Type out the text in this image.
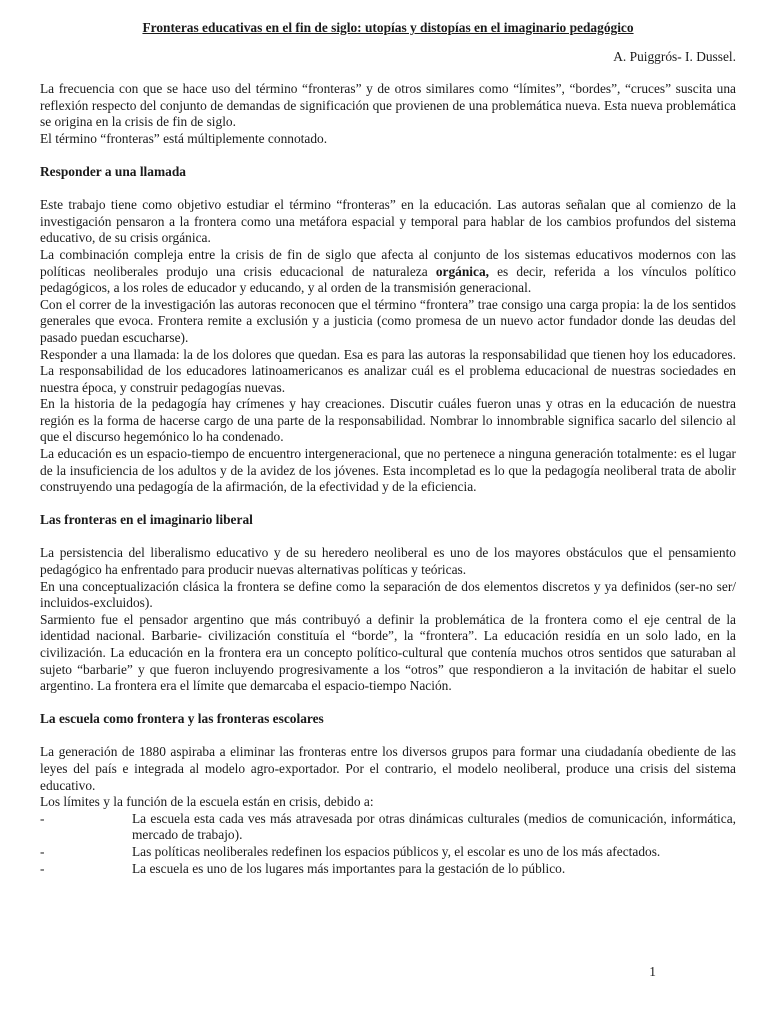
Fronteras educativas en el fin de siglo: utopías y distopías en el imaginario pedagógico
A. Puiggrós- I. Dussel.

La frecuencia con que se hace uso del término “fronteras” y de otros similares como “límites”, “bordes”, “cruces” suscita una reflexión respecto del conjunto de demandas de significación que provienen de una problemática nueva. Esta nueva problemática se origina en la crisis de fin de siglo.

El término “fronteras” está múltiplemente connotado.

Responder a una llamada

Este trabajo tiene como objetivo estudiar el término “fronteras” en la educación. Las autoras señalan que al comienzo de la investigación pensaron a la frontera como una metáfora espacial y temporal para hablar de los cambios profundos del sistema educativo, de su crisis orgánica.

La combinación compleja entre la crisis de fin de siglo que afecta al conjunto de los sistemas educativos modernos con las políticas neoliberales produjo una crisis educacional de naturaleza orgánica, es decir, referida a los vínculos político pedagógicos, a los roles de educador y educando, y al orden de la transmisión generacional.

Con el correr de la investigación las autoras reconocen que el término “frontera” trae consigo una carga propia: la de los sentidos generales que evoca. Frontera remite a exclusión y a justicia (como promesa de un nuevo actor fundador donde las deudas del pasado puedan escucharse).

Responder a una llamada: la de los dolores que quedan. Esa es para las autoras la responsabilidad que tienen hoy los educadores. La responsabilidad de los educadores latinoamericanos es analizar cuál es el problema educacional de nuestras sociedades en nuestra época, y construir pedagogías nuevas.

En la historia de la pedagogía hay crímenes y hay creaciones. Discutir cuáles fueron unas y otras en la educación de nuestra región es la forma de hacerse cargo de una parte de la responsabilidad. Nombrar lo innombrable significa sacarlo del silencio al que el discurso hegemónico lo ha condenado.

La educación es un espacio-tiempo de encuentro intergeneracional, que no pertenece a ninguna generación totalmente: es el lugar de la insuficiencia de los adultos y de la avidez de los jóvenes. Esta incompletad es lo que la pedagogía neoliberal trata de abolir construyendo una pedagogía de la afirmación, de la efectividad y de la eficiencia.

Las fronteras en el imaginario liberal

La persistencia del liberalismo educativo y de su heredero neoliberal es uno de los mayores obstáculos que el pensamiento pedagógico ha enfrentado para producir nuevas alternativas políticas y teóricas.

En una conceptualización clásica la frontera se define como la separación de dos elementos discretos y ya definidos (ser-no ser/ incluidos-excluidos).

Sarmiento fue el pensador argentino que más contribuyó a definir la problemática de la frontera como el eje central de la identidad nacional. Barbarie- civilización constituía el “borde”, la “frontera”. La educación residía en un solo lado, en la civilización. La educación en la frontera era un concepto político-cultural que contenía muchos otros sentidos que saturaban al sujeto “barbarie” y que fueron incluyendo progresivamente a los “otros” que respondieron a la invitación de habitar el suelo argentino. La frontera era el límite que demarcaba el espacio-tiempo Nación.

La escuela como frontera y las fronteras escolares

La generación de 1880 aspiraba a eliminar las fronteras entre los diversos grupos para formar una ciudadanía obediente de las leyes del país e integrada al modelo agro-exportador. Por el contrario, el modelo neoliberal, produce una crisis del sistema educativo.

Los límites y la función de la escuela están en crisis, debido a:

-	La escuela esta cada ves más atravesada por otras dinámicas culturales (medios de comunicación, informática, mercado de trabajo).
-	Las políticas neoliberales redefinen los espacios públicos y, el escolar es uno de los más afectados.
-	La escuela es uno de los lugares más importantes para la gestación de lo público.
1
